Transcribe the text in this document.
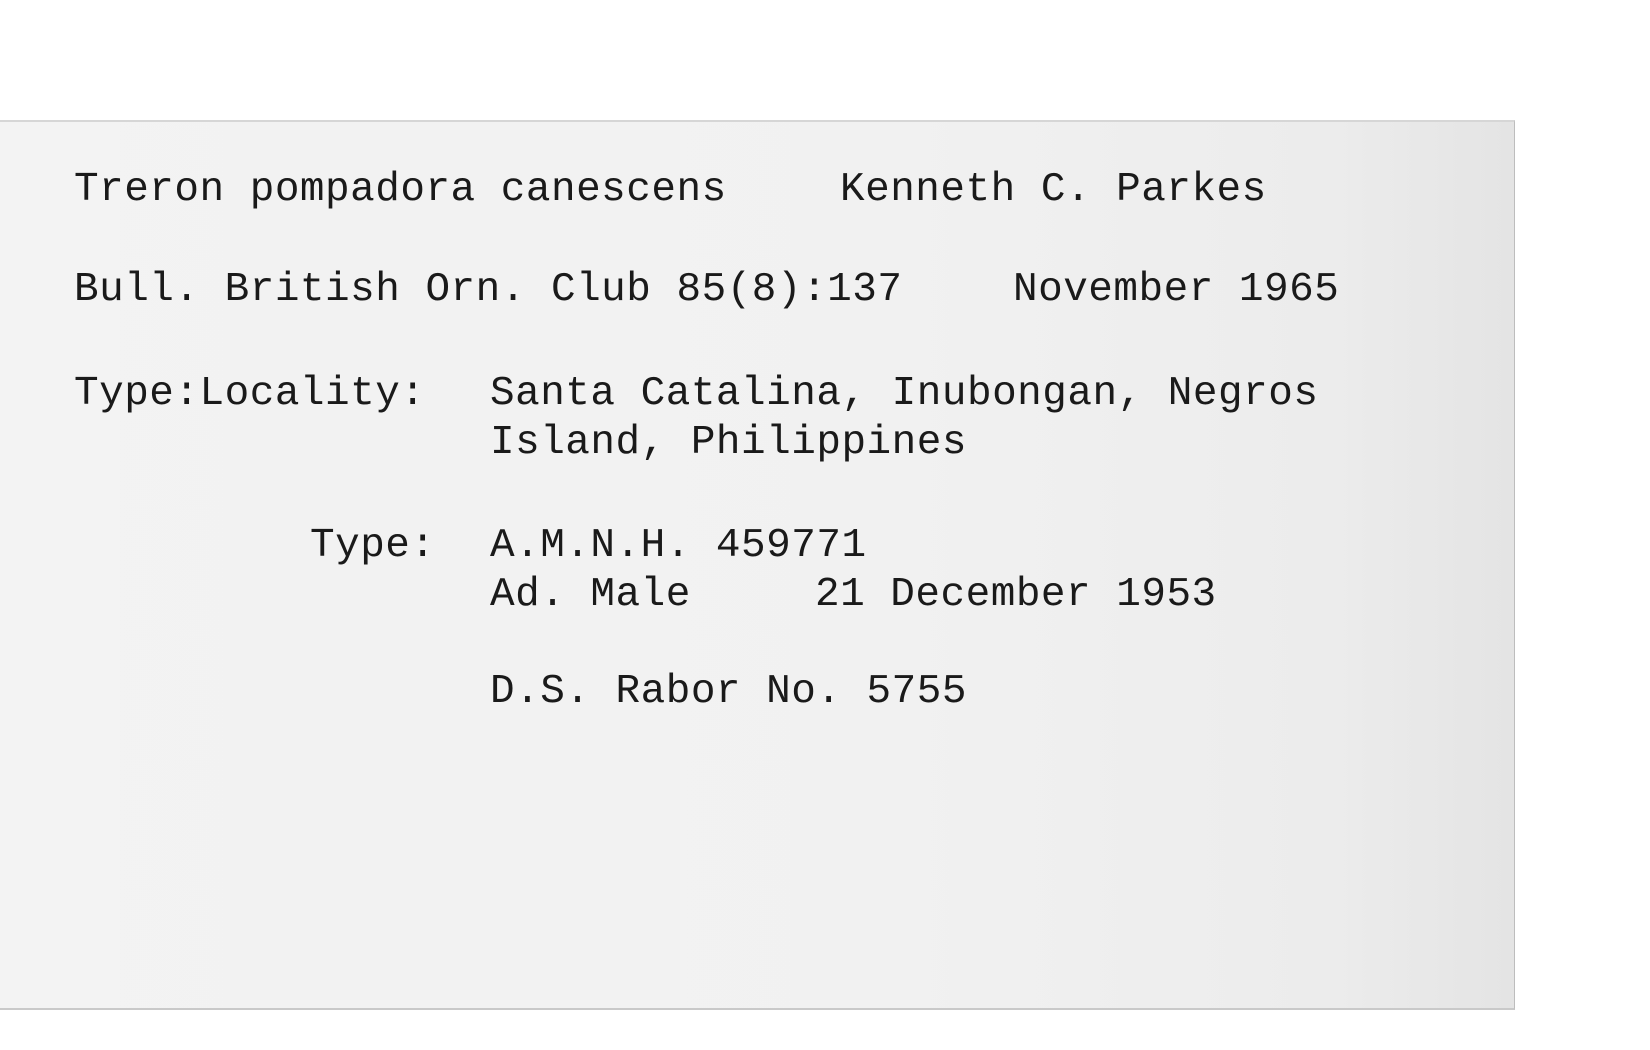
Treron pompadora canescens	Kenneth C. Parkes
Bull. British Orn. Club 85(8):137	November 1965
Type:Locality: Santa Catalina, Inubongan, Negros
Island, Philippines
Type: A.M.N.H. 459771
Ad. Male	21 December 1953
D.S. Rabor No. 5755
